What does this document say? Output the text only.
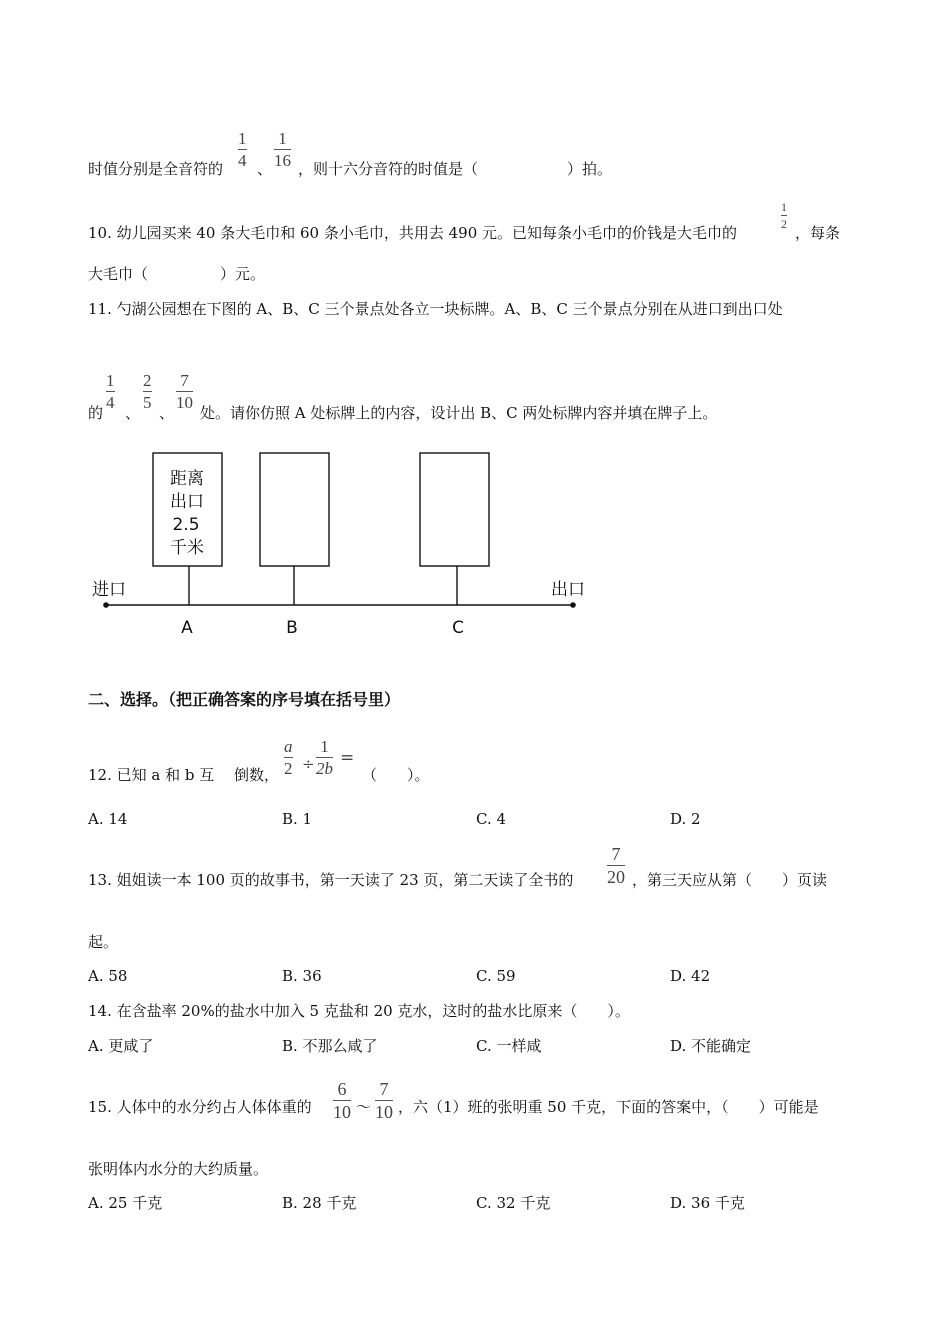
时值分别是全音符的
1
4 、
1
16 ，则十六分音符的时值是（	）拍。
10. 幼儿园买来 40 条大毛巾和 60 条小毛巾，共用去 490 元。已知每条小毛巾的价钱是大毛巾的
1
2 ，每条
大毛巾（	）元。
11. 勺湖公园想在下图的 A、B、C 三个景点处各立一块标牌。A、B、C 三个景点分别在从进口到出口处
的
1
4
、
2
5
、
7
10
处。请你仿照 A 处标牌上的内容，设计出 B、C 两处标牌内容并填在牌子上。
进口	出口
距离
出口
2.5
千米
A	B	C
二、选择。（把正确答案的序号填在括号里）
12. 已知 a 和 b 互　 倒数，
a
2 ÷
1
2b
=
（　　）。
A. 14	B. 1	C. 4	D. 2
13. 姐姐读一本 100 页的故事书，第一天读了 23 页，第二天读了全书的
7
20 ，第三天应从第（　　）页读
起。
A. 58	B. 36	C. 59	D. 42
14. 在含盐率 20%的盐水中加入 5 克盐和 20 克水，这时的盐水比原来（　　）。
A. 更咸了	B. 不那么咸了	C. 一样咸	D. 不能确定
15. 人体中的水分约占人体体重的
6
10 ～
7
10 ，六（1）班的张明重 50 千克，下面的答案中，（　　）可能是
张明体内水分的大约质量。
A. 25 千克	B. 28 千克	C. 32 千克	D. 36 千克
